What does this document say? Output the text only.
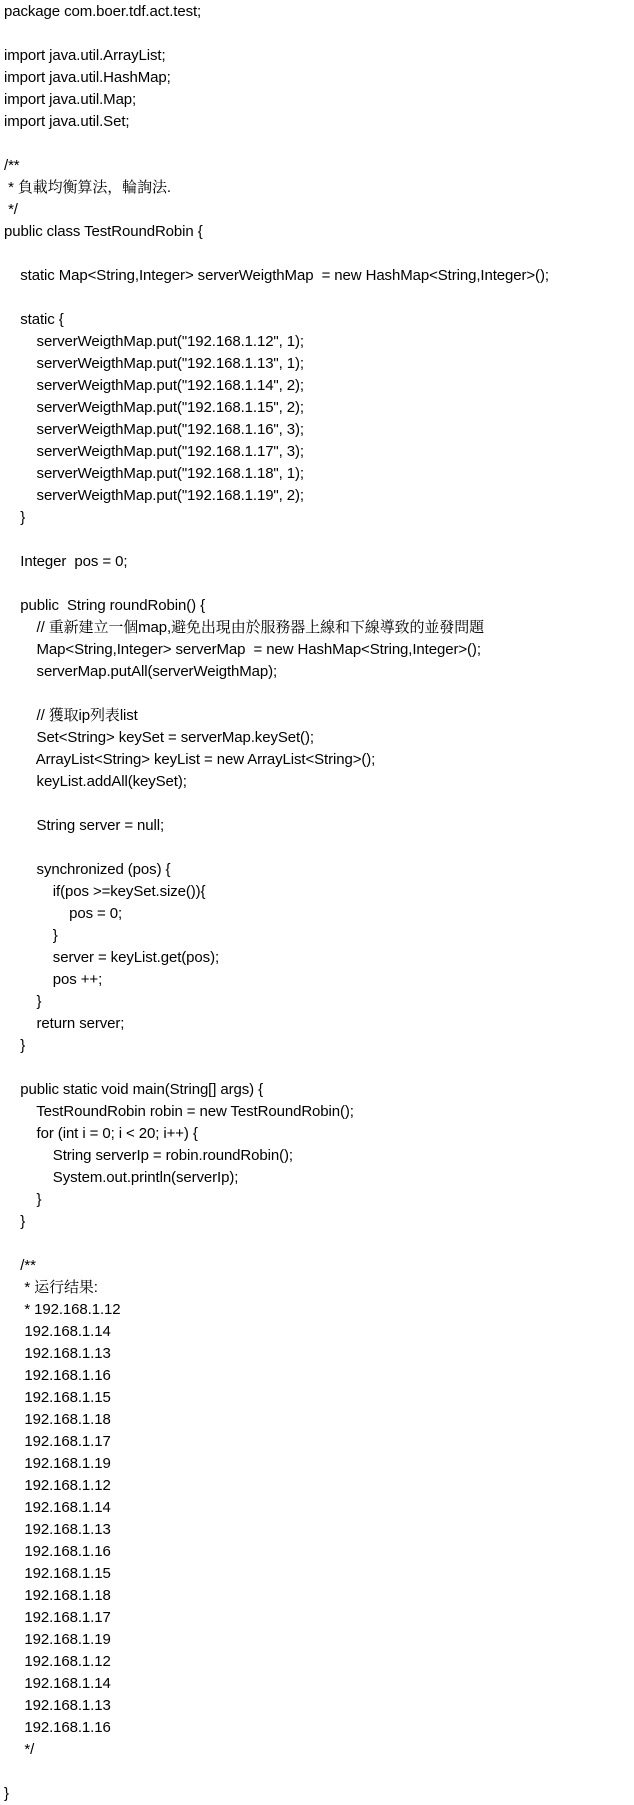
package com.boer.tdf.act.test;
import java.util.ArrayList;
import java.util.HashMap;
import java.util.Map;
import java.util.Set;
/**
* 負載均衡算法，輪詢法.
*/
public class TestRoundRobin {
static Map<String,Integer> serverWeigthMap  = new HashMap<String,Integer>();
static {
serverWeigthMap.put("192.168.1.12", 1);
serverWeigthMap.put("192.168.1.13", 1);
serverWeigthMap.put("192.168.1.14", 2);
serverWeigthMap.put("192.168.1.15", 2);
serverWeigthMap.put("192.168.1.16", 3);
serverWeigthMap.put("192.168.1.17", 3);
serverWeigthMap.put("192.168.1.18", 1);
serverWeigthMap.put("192.168.1.19", 2);
}
Integer  pos = 0;
public  String roundRobin() {
// 重新建立一個map,避免出現由於服務器上線和下線導致的並發問題
Map<String,Integer> serverMap  = new HashMap<String,Integer>();
serverMap.putAll(serverWeigthMap);
// 獲取ip列表list
Set<String> keySet = serverMap.keySet();
ArrayList<String> keyList = new ArrayList<String>();
keyList.addAll(keySet);
String server = null;
synchronized (pos) {
if(pos >=keySet.size()){
pos = 0;
}
server = keyList.get(pos);
pos ++;
}
return server;
}
public static void main(String[] args) {
TestRoundRobin robin = new TestRoundRobin();
for (int i = 0; i < 20; i++) {
String serverIp = robin.roundRobin();
System.out.println(serverIp);
}
}
/**
* 运行结果:
* 192.168.1.12
192.168.1.14
192.168.1.13
192.168.1.16
192.168.1.15
192.168.1.18
192.168.1.17
192.168.1.19
192.168.1.12
192.168.1.14
192.168.1.13
192.168.1.16
192.168.1.15
192.168.1.18
192.168.1.17
192.168.1.19
192.168.1.12
192.168.1.14
192.168.1.13
192.168.1.16
*/
}
